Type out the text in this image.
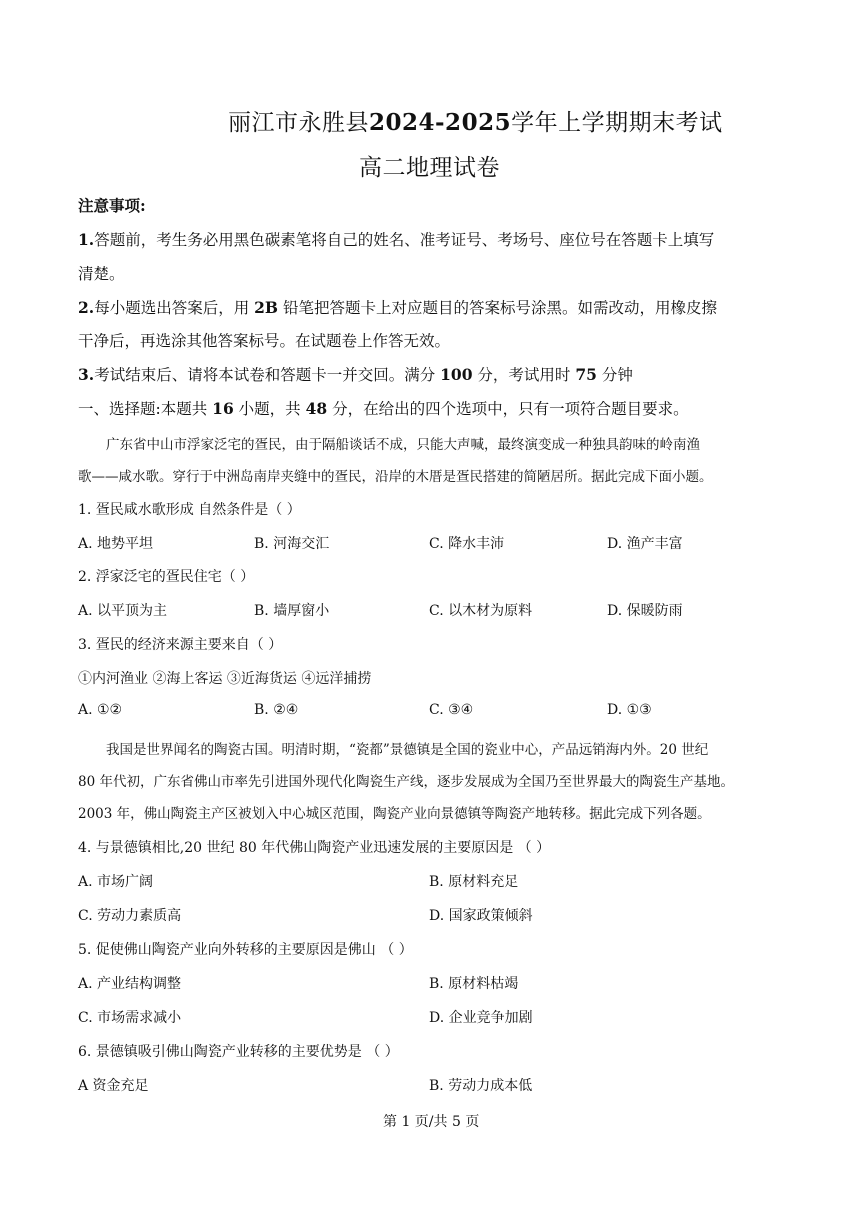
丽江市永胜县2024-2025学年上学期期末考试
高二地理试卷
注意事项:
1.答题前，考生务必用黑色碳素笔将自己的姓名、准考证号、考场号、座位号在答题卡上填写
清楚。
2.每小题选出答案后，用 2B 铅笔把答题卡上对应题目的答案标号涂黑。如需改动，用橡皮擦
干净后，再选涂其他答案标号。在试题卷上作答无效。
3.考试结束后、请将本试卷和答题卡一并交回。满分 100 分，考试用时 75 分钟
一、选择题:本题共 16 小题，共 48 分，在给出的四个选项中，只有一项符合题目要求。
广东省中山市浮家泛宅的疍民，由于隔船谈话不成，只能大声喊，最终演变成一种独具韵味的岭南渔
歌——咸水歌。穿行于中洲岛南岸夹缝中的疍民，沿岸的木厝是疍民搭建的简陋居所。据此完成下面小题。
1. 疍民咸水歌形成 自然条件是（ ）
A. 地势平坦	B. 河海交汇	C. 降水丰沛	D. 渔产丰富
2. 浮家泛宅的疍民住宅（ ）
A. 以平顶为主	B. 墙厚窗小	C. 以木材为原料	D. 保暖防雨
3. 疍民的经济来源主要来自（ ）
①内河渔业 ②海上客运 ③近海货运 ④远洋捕捞
A. ①②	B. ②④	C. ③④	D. ①③
我国是世界闻名的陶瓷古国。明清时期，“瓷都”景德镇是全国的瓷业中心，产品远销海内外。20 世纪
80 年代初，广东省佛山市率先引进国外现代化陶瓷生产线，逐步发展成为全国乃至世界最大的陶瓷生产基地。
2003 年，佛山陶瓷主产区被划入中心城区范围，陶瓷产业向景德镇等陶瓷产地转移。据此完成下列各题。
4. 与景德镇相比,20 世纪 80 年代佛山陶瓷产业迅速发展的主要原因是 （ ）
A. 市场广阔	B. 原材料充足
C. 劳动力素质高	D. 国家政策倾斜
5. 促使佛山陶瓷产业向外转移的主要原因是佛山 （ ）
A. 产业结构调整	B. 原材料枯竭
C. 市场需求减小	D. 企业竞争加剧
6. 景德镇吸引佛山陶瓷产业转移的主要优势是 （ ）
A 资金充足	B. 劳动力成本低
第 1 页/共 5 页
